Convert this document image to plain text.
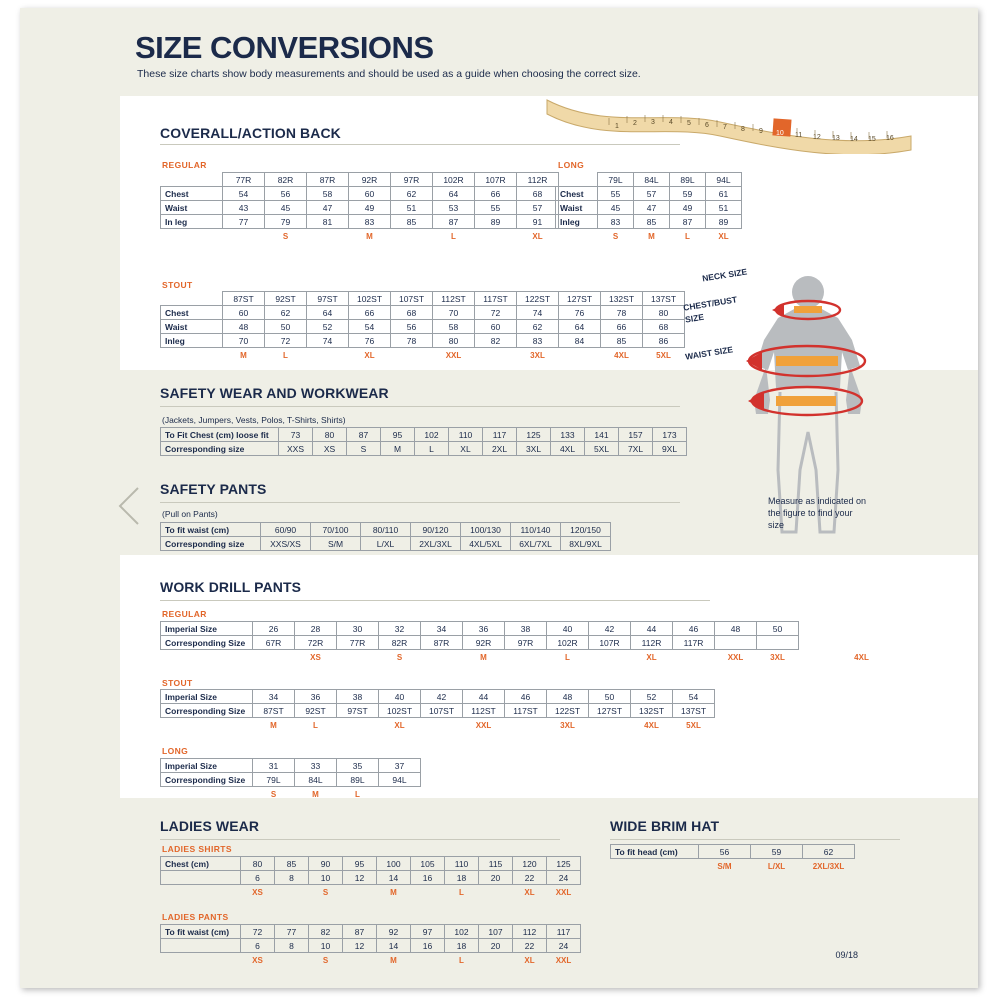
SIZE CONVERSIONS
These size charts show body measurements and should be used as a guide when choosing the correct size.
1 2 3 4 5 6 7 8 9 10 11 12 13 14 15 16
COVERALL/ACTION BACK
REGULAR
	77R	82R	87R	92R	97R	102R	107R	112R
Chest	54	56	58	60	62	64	66	68
Waist	43	45	47	49	51	53	55	57
In leg	77	79	81	83	85	87	89	91
		S		M		L		XL
LONG
	79L	84L	89L	94L
Chest	55	57	59	61
Waist	45	47	49	51
Inleg	83	85	87	89
	S	M	L	XL
STOUT
	87ST	92ST	97ST	102ST	107ST	112ST	117ST	122ST	127ST	132ST	137ST
Chest	60	62	64	66	68	70	72	74	76	78	80
Waist	48	50	52	54	56	58	60	62	64	66	68
Inleg	70	72	74	76	78	80	82	83	84	85	86
	M	L		XL		XXL		3XL		4XL	5XL
SAFETY WEAR AND WORKWEAR
(Jackets, Jumpers, Vests, Polos, T-Shirts, Shirts)
To Fit Chest (cm) loose fit	73	80	87	95	102	110	117	125	133	141	157	173
Corresponding size	XXS	XS	S	M	L	XL	2XL	3XL	4XL	5XL	7XL	9XL
SAFETY PANTS
(Pull on Pants)
To fit waist (cm)	60/90	70/100	80/110	90/120	100/130	110/140	120/150
Corresponding size	XXS/XS	S/M	L/XL	2XL/3XL	4XL/5XL	6XL/7XL	8XL/9XL
WORK DRILL PANTS
REGULAR
Imperial Size	26	28	30	32	34	36	38	40	42	44	46	48	50			
Corresponding Size	67R	72R	77R	82R	87R	92R	97R	102R	107R	112R	117R					
		XS		S		M		L		XL		XXL	3XL		4XL	
STOUT
Imperial Size	34	36	38	40	42	44	46	48	50	52	54
Corresponding Size	87ST	92ST	97ST	102ST	107ST	112ST	117ST	122ST	127ST	132ST	137ST
	M	L		XL		XXL		3XL		4XL	5XL
LONG
Imperial Size	31	33	35	37
Corresponding Size	79L	84L	89L	94L
	S	M	L	
LADIES WEAR
LADIES SHIRTS
Chest (cm)	80	85	90	95	100	105	110	115	120	125
	6	8	10	12	14	16	18	20	22	24
	XS		S		M		L		XL	XXL
LADIES PANTS
To fit waist (cm)	72	77	82	87	92	97	102	107	112	117
	6	8	10	12	14	16	18	20	22	24
	XS		S		M		L		XL	XXL
WIDE BRIM HAT
To fit head (cm)	56	59	62
	S/M	L/XL	2XL/3XL
NECK SIZE
CHEST/BUST SIZE
WAIST SIZE
Measure as indicated on the figure to find your size
09/18
